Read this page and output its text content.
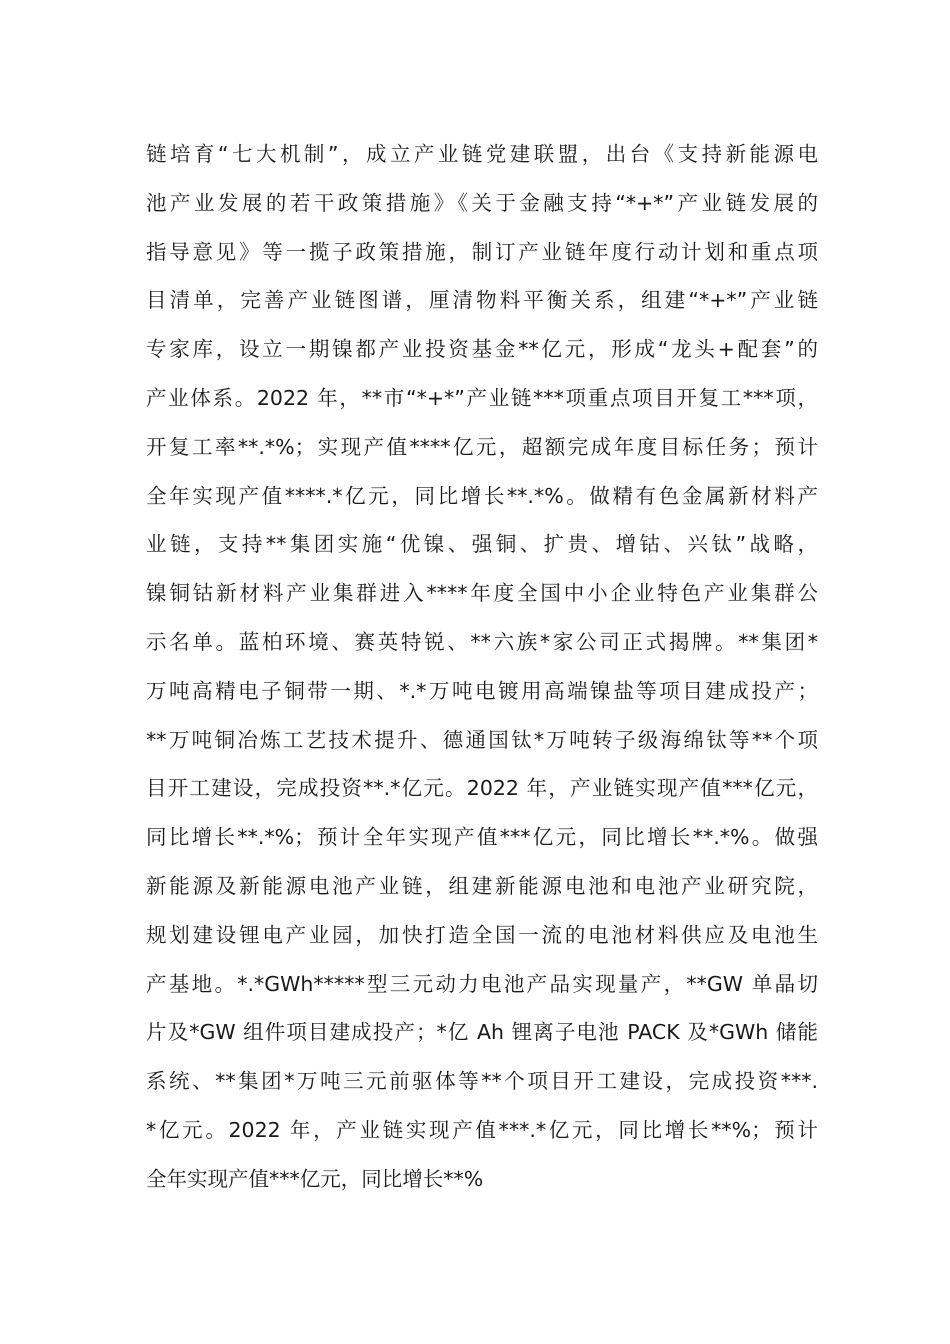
链培育“七大机制”，成立产业链党建联盟，出台《支持新能源电
池产业发展的若干政策措施》《关于金融支持“*+*”产业链发展的
指导意见》等一揽子政策措施，制订产业链年度行动计划和重点项
目清单，完善产业链图谱，厘清物料平衡关系，组建“*+*”产业链
专家库，设立一期镍都产业投资基金**亿元，形成“龙头+配套”的
产业体系。2022 年，**市“*+*”产业链***项重点项目开复工***项，
开复工率**.*%；实现产值****亿元，超额完成年度目标任务；预计
全年实现产值****.*亿元，同比增长**.*%。做精有色金属新材料产
业链，支持**集团实施“优镍、强铜、扩贵、增钴、兴钛”战略，
镍铜钴新材料产业集群进入****年度全国中小企业特色产业集群公
示名单。蓝柏环境、赛英特锐、**六族*家公司正式揭牌。**集团*
万吨高精电子铜带一期、*.*万吨电镀用高端镍盐等项目建成投产；
**万吨铜冶炼工艺技术提升、德通国钛*万吨转子级海绵钛等**个项
目开工建设，完成投资**.*亿元。2022 年，产业链实现产值***亿元，
同比增长**.*%；预计全年实现产值***亿元，同比增长**.*%。做强
新能源及新能源电池产业链，组建新能源电池和电池产业研究院，
规划建设锂电产业园，加快打造全国一流的电池材料供应及电池生
产基地。*.*GWh*****型三元动力电池产品实现量产，**GW 单晶切
片及*GW 组件项目建成投产；*亿 Ah 锂离子电池 PACK 及*GWh 储能
系统、**集团*万吨三元前驱体等**个项目开工建设，完成投资***.
*亿元。2022 年，产业链实现产值***.*亿元，同比增长**%；预计
全年实现产值***亿元，同比增长**%
